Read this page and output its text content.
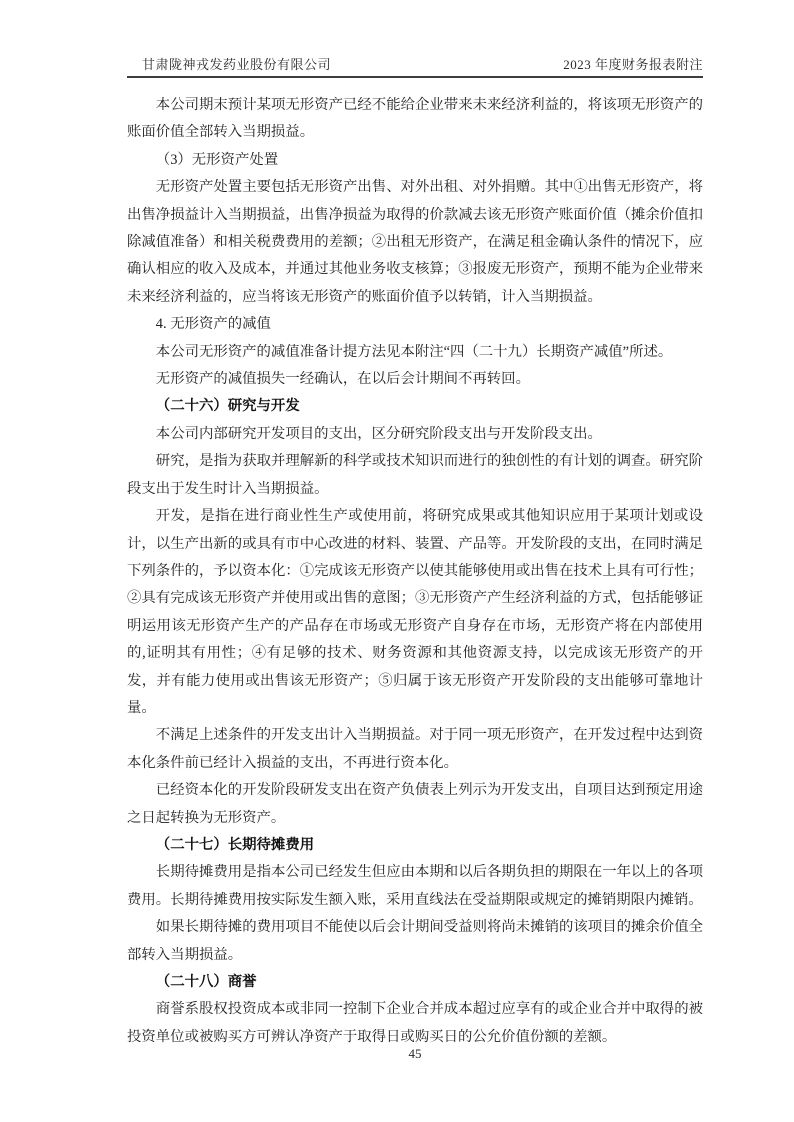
甘肃陇神戎发药业股份有限公司	2023 年度财务报表附注
本公司期末预计某项无形资产已经不能给企业带来未来经济利益的，将该项无形资产的账面价值全部转入当期损益。
（3）无形资产处置
无形资产处置主要包括无形资产出售、对外出租、对外捐赠。其中①出售无形资产，将出售净损益计入当期损益，出售净损益为取得的价款减去该无形资产账面价值（摊余价值扣除减值准备）和相关税费费用的差额；②出租无形资产，在满足租金确认条件的情况下，应确认相应的收入及成本，并通过其他业务收支核算；③报废无形资产，预期不能为企业带来未来经济利益的，应当将该无形资产的账面价值予以转销，计入当期损益。
4. 无形资产的减值
本公司无形资产的减值准备计提方法见本附注“四（二十九）长期资产减值”所述。
无形资产的减值损失一经确认，在以后会计期间不再转回。
（二十六）研究与开发
本公司内部研究开发项目的支出，区分研究阶段支出与开发阶段支出。
研究，是指为获取并理解新的科学或技术知识而进行的独创性的有计划的调查。研究阶段支出于发生时计入当期损益。
开发，是指在进行商业性生产或使用前，将研究成果或其他知识应用于某项计划或设计，以生产出新的或具有市中心改进的材料、装置、产品等。开发阶段的支出，在同时满足下列条件的，予以资本化：①完成该无形资产以使其能够使用或出售在技术上具有可行性；②具有完成该无形资产并使用或出售的意图；③无形资产产生经济利益的方式，包括能够证明运用该无形资产生产的产品存在市场或无形资产自身存在市场，无形资产将在内部使用的,证明其有用性；④有足够的技术、财务资源和其他资源支持，以完成该无形资产的开发，并有能力使用或出售该无形资产；⑤归属于该无形资产开发阶段的支出能够可靠地计量。
不满足上述条件的开发支出计入当期损益。对于同一项无形资产，在开发过程中达到资本化条件前已经计入损益的支出，不再进行资本化。
已经资本化的开发阶段研发支出在资产负债表上列示为开发支出，自项目达到预定用途之日起转换为无形资产。
（二十七）长期待摊费用
长期待摊费用是指本公司已经发生但应由本期和以后各期负担的期限在一年以上的各项费用。长期待摊费用按实际发生额入账，采用直线法在受益期限或规定的摊销期限内摊销。
如果长期待摊的费用项目不能使以后会计期间受益则将尚未摊销的该项目的摊余价值全部转入当期损益。
（二十八）商誉
商誉系股权投资成本或非同一控制下企业合并成本超过应享有的或企业合并中取得的被投资单位或被购买方可辨认净资产于取得日或购买日的公允价值份额的差额。
45
